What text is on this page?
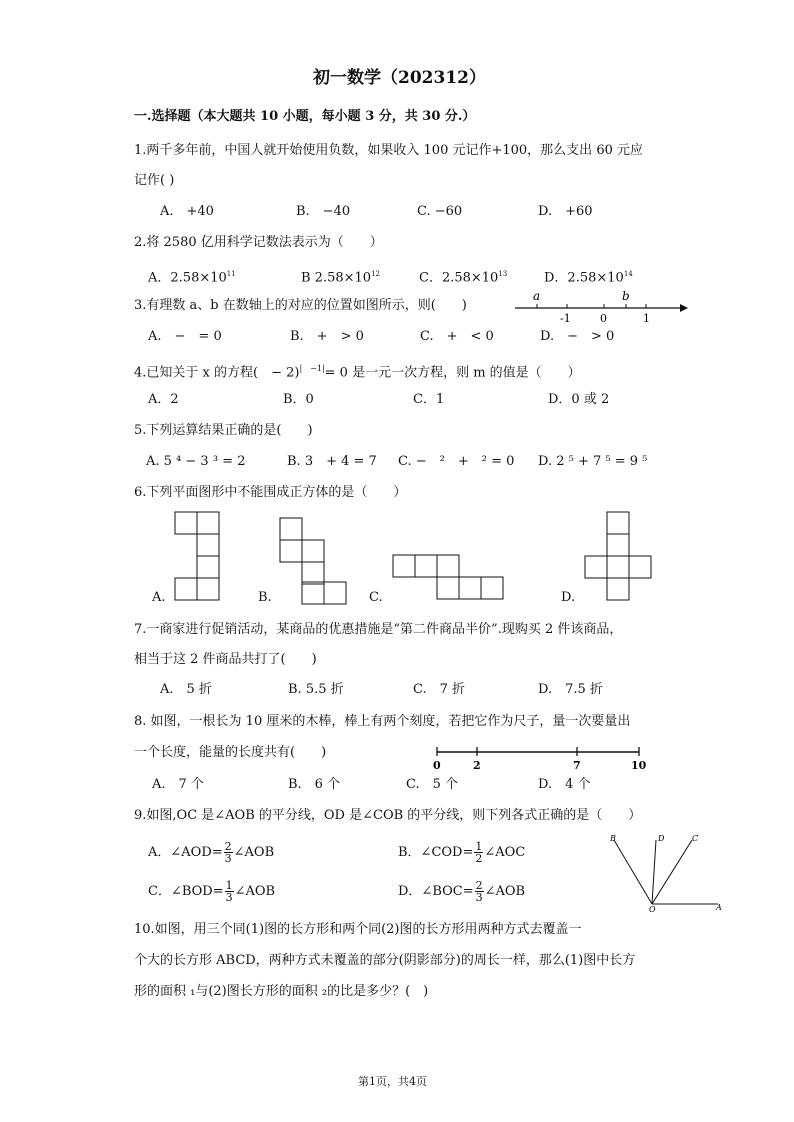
初一数学（202312）
一.选择题（本大题共 10 小题，每小题 3 分，共 30 分.）
1.两千多年前，中国人就开始使用负数，如果收入 100 元记作+100，那么支出 60 元应
记作( )
A.　+40	B.　−40	C. −60	D.　+60
2.将 2580 亿用科学记数法表示为（　　）
A．$2.58\times 10^{11}$	B $2.58\times 10^{12}$	C．$2.58\times 10^{13}$	D．$2.58\times 10^{14}$
3.有理数 a、b 在数轴上的对应的位置如图所示，则(　　)
a	b
-1	0	1
A.　−　= 0	B.　+　> 0	C.　+　< 0	D.　−　> 0
4.已知关于 x 的方程(　− 2)$^{| -1|}$= 0 是一元一次方程，则 m 的值是（　　）
A．2	B．0	C．1	D．0 或 2
5.下列运算结果正确的是(　　)
A. 5 ⁴ − 3 ³ = 2	B. 3　+ 4 = 7 C. −　²　+　² = 0 D. 2 ⁵ + 7 ⁵ = 9 ⁵
6.下列平面图形中不能围成正方体的是（　　）
A.	B.	C.	D.
7.一商家进行促销活动，某商品的优惠措施是“第二件商品半价”.现购买 2 件该商品，
相当于这 2 件商品共打了(　　)
A.　5 折	B. 5.5 折	C.　7 折	D.　7.5 折
8. 如图，一根长为 10 厘米的木棒，棒上有两个刻度，若把它作为尺子，量一次要量出
一个长度，能量的长度共有(　　)
0	2	7	10
A.　7 个	B.　6 个	C.　5 个	D.　4 个
9.如图,OC 是∠AOB 的平分线，OD 是∠COB 的平分线，则下列各式正确的是（　　）
A．∠AOD= $\frac{2}{3}$ ∠AOB	B．∠COD= $\frac{1}{2}$ ∠AOC
C．∠BOD= $\frac{1}{3}$ ∠AOB	D．∠BOC= $\frac{2}{3}$ ∠AOB
B	D	C
O	A
10.如图，用三个同(1)图的长方形和两个同(2)图的长方形用两种方式去覆盖一
个大的长方形 ABCD，两种方式未覆盖的部分(阴影部分)的周长一样，那么(1)图中长方
形的面积 ₁与(2)图长方形的面积 ₂的比是多少？(　)
第1页，共4页
